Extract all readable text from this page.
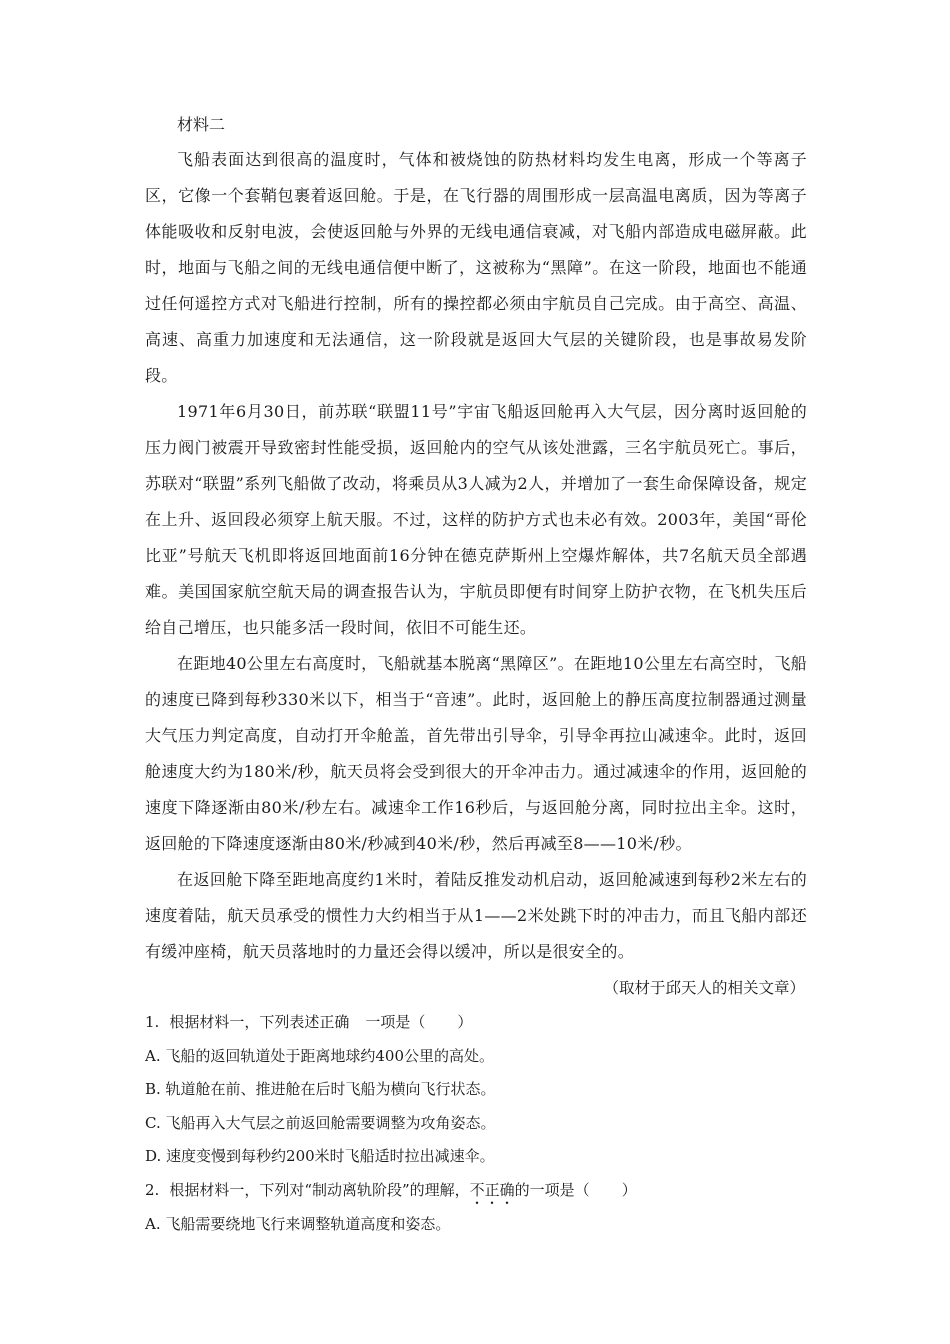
材料二

飞船表面达到很高的温度时，气体和被烧蚀的防热材料均发生电离，形成一个等离子区，它像一个套鞘包裹着返回舱。于是，在飞行器的周围形成一层高温电离质，因为等离子体能吸收和反射电波，会使返回舱与外界的无线电通信衰减，对飞船内部造成电磁屏蔽。此时，地面与飞船之间的无线电通信便中断了，这被称为“黑障”。在这一阶段，地面也不能通过任何遥控方式对飞船进行控制，所有的操控都必须由宇航员自己完成。由于高空、高温、高速、高重力加速度和无法通信，这一阶段就是返回大气层的关键阶段，也是事故易发阶段。

1971年6月30日，前苏联“联盟11号”宇宙飞船返回舱再入大气层，因分离时返回舱的压力阀门被震开导致密封性能受损，返回舱内的空气从该处泄露，三名宇航员死亡。事后，苏联对“联盟”系列飞船做了改动，将乘员从3人减为2人，并增加了一套生命保障设备，规定在上升、返回段必须穿上航天服。不过，这样的防护方式也未必有效。2003年，美国“哥伦比亚”号航天飞机即将返回地面前16分钟在德克萨斯州上空爆炸解体，共7名航天员全部遇难。美国国家航空航天局的调查报告认为，宇航员即便有时间穿上防护衣物，在飞机失压后给自己增压，也只能多活一段时间，依旧不可能生还。

在距地40公里左右高度时，飞船就基本脱离“黑障区”。在距地10公里左右高空时，飞船的速度已降到每秒330米以下，相当于“音速”。此时，返回舱上的静压高度拉制器通过测量大气压力判定高度，自动打开伞舱盖，首先带出引导伞，引导伞再拉山减速伞。此时，返回舱速度大约为180米/秒，航天员将会受到很大的开伞冲击力。通过减速伞的作用，返回舱的速度下降逐渐由80米/秒左右。减速伞工作16秒后，与返回舱分离，同时拉出主伞。这时，返回舱的下降速度逐渐由80米/秒减到40米/秒，然后再减至8——10米/秒。

在返回舱下降至距地高度约1米时，着陆反推发动机启动，返回舱减速到每秒2米左右的速度着陆，航天员承受的惯性力大约相当于从1——2米处跳下时的冲击力，而且飞船内部还有缓冲座椅，航天员落地时的力量还会得以缓冲，所以是很安全的。

（取材于邱天人的相关文章）

1. 根据材料一，下列表述正确 一项是（ ）

A. 飞船的返回轨道处于距离地球约400公里的高处。

B. 轨道舱在前、推进舱在后时飞船为横向飞行状态。

C. 飞船再入大气层之前返回舱需要调整为攻角姿态。

D. 速度变慢到每秒约200米时飞船适时拉出减速伞。

2. 根据材料一，下列对“制动离轨阶段”的理解，不正确的一项是（ ）

A. 飞船需要绕地飞行来调整轨道高度和姿态。
